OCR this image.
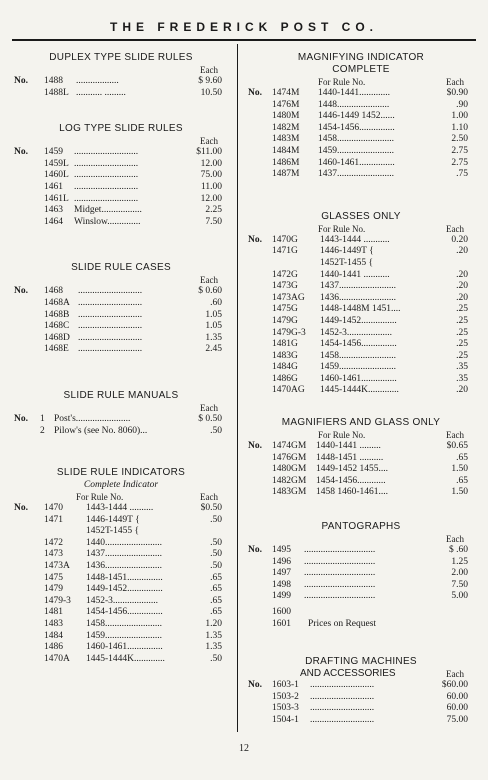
THE FREDERICK POST CO.
DUPLEX TYPE SLIDE RULES
Each
No. 1488 ..................	$ 9.60
1488L ........... .........	10.50
LOG TYPE SLIDE RULES
Each
No. 1459 ...........................	$11.00
1459L ...........................	12.00
1460L ...........................	75.00
1461 ...........................	11.00
1461L ...........................	12.00
1463 Midget.................	2.25
1464 Winslow..............	7.50
SLIDE RULE CASES
Each
No. 1468 ...........................	$ 0.60
1468A ...........................	.60
1468B ...........................	1.05
1468C ...........................	1.05
1468D ...........................	1.35
1468E ...........................	2.45
SLIDE RULE MANUALS
Each
No. 1 Post's.......................	$ 0.50
2 Pilow's (see No. 8060)...	.50
SLIDE RULE INDICATORS
Complete Indicator
For Rule No.	Each
No. 1470 1443-1444 ..........	$0.50
1471 1446-1449T {	.50
1452T-1455 {
1472 1440........................	.50
1473 1437........................	.50
1473A 1436........................	.50
1475 1448-1451...............	.65
1479 1449-1452...............	.65
1479-3 1452-3...................	.65
1481 1454-1456...............	.65
1483 1458........................	1.20
1484 1459........................	1.35
1486 1460-1461...............	1.35
1470A 1445-1444K.............	.50
MAGNIFYING INDICATOR
COMPLETE
For Rule No.	Each
No. 1474M 1440-1441.............	$0.90
1476M 1448......................	.90
1480M 1446-1449 1452......	1.00
1482M 1454-1456...............	1.10
1483M 1458........................	2.50
1484M 1459........................	2.75
1486M 1460-1461...............	2.75
1487M 1437........................	.75
GLASSES ONLY
For Rule No.	Each
No. 1470G 1443-1444 ...........	0.20
1471G 1446-1449T {	.20
1452T-1455 {
1472G 1440-1441 ...........	.20
1473G 1437........................	.20
1473AG 1436........................	.20
1475G 1448-1448M 1451....	.25
1479G 1449-1452...............	.25
1479G-3 1452-3...................	.25
1481G 1454-1456...............	.25
1483G 1458........................	.25
1484G 1459........................	.35
1486G 1460-1461...............	.35
1470AG 1445-1444K.............	.20
MAGNIFIERS AND GLASS ONLY
For Rule No.	Each
No. 1474GM 1440-1441 .........	$0.65
1476GM 1448-1451 ..........	.65
1480GM 1449-1452 1455....	1.50
1482GM 1454-1456............	.65
1483GM 1458 1460-1461....	1.50
PANTOGRAPHS
Each
No. 1495 ..............................	$ .60
1496 ..............................	1.25
1497 ..............................	2.00
1498 ..............................	7.50
1499 ..............................	5.00
1600
1601 Prices on Request
DRAFTING MACHINES
AND ACCESSORIES	Each
No. 1603-1 ...........................	$60.00
1503-2 ...........................	60.00
1503-3 ...........................	60.00
1504-1 ...........................	75.00
12
